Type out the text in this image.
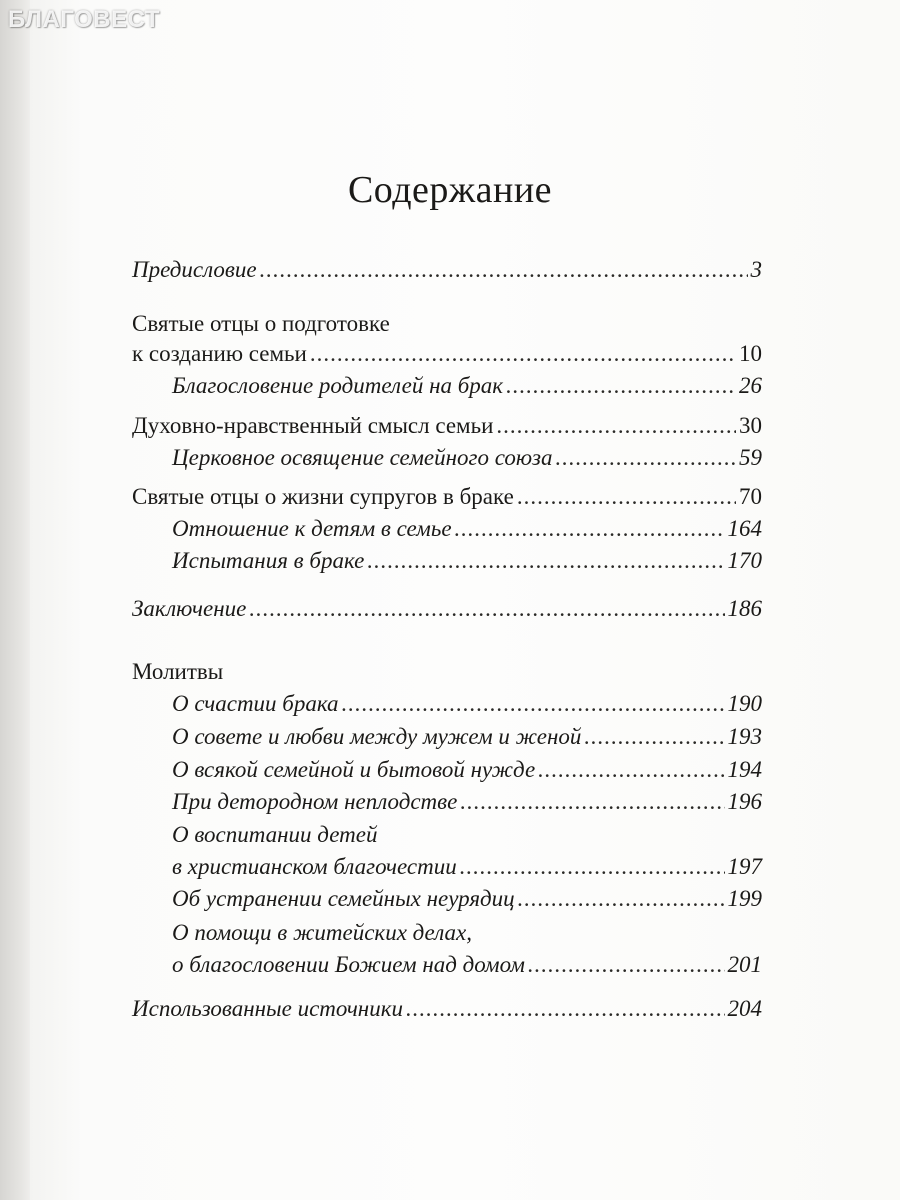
БЛАГОВЕСТ
Содержание
Предисловие .....	3
Святые отцы о подготовке
к созданию семьи .....	10
Благословение родителей на брак .....	26
Духовно-нравственный смысл семьи .....	30
Церковное освящение семейного союза .....	59
Святые отцы о жизни супругов в браке .....	70
Отношение к детям в семье .....	164
Испытания в браке .....	170
Заключение .....	186
Молитвы
О счастии брака .....	190
О совете и любви между мужем и женой .....	193
О всякой семейной и бытовой нужде .....	194
При детородном неплодстве .....	196
О воспитании детей
в христианском благочестии .....	197
Об устранении семейных неурядиц .....	199
О помощи в житейских делах,
о благословении Божием над домом .....	201
Использованные источники .....	204
